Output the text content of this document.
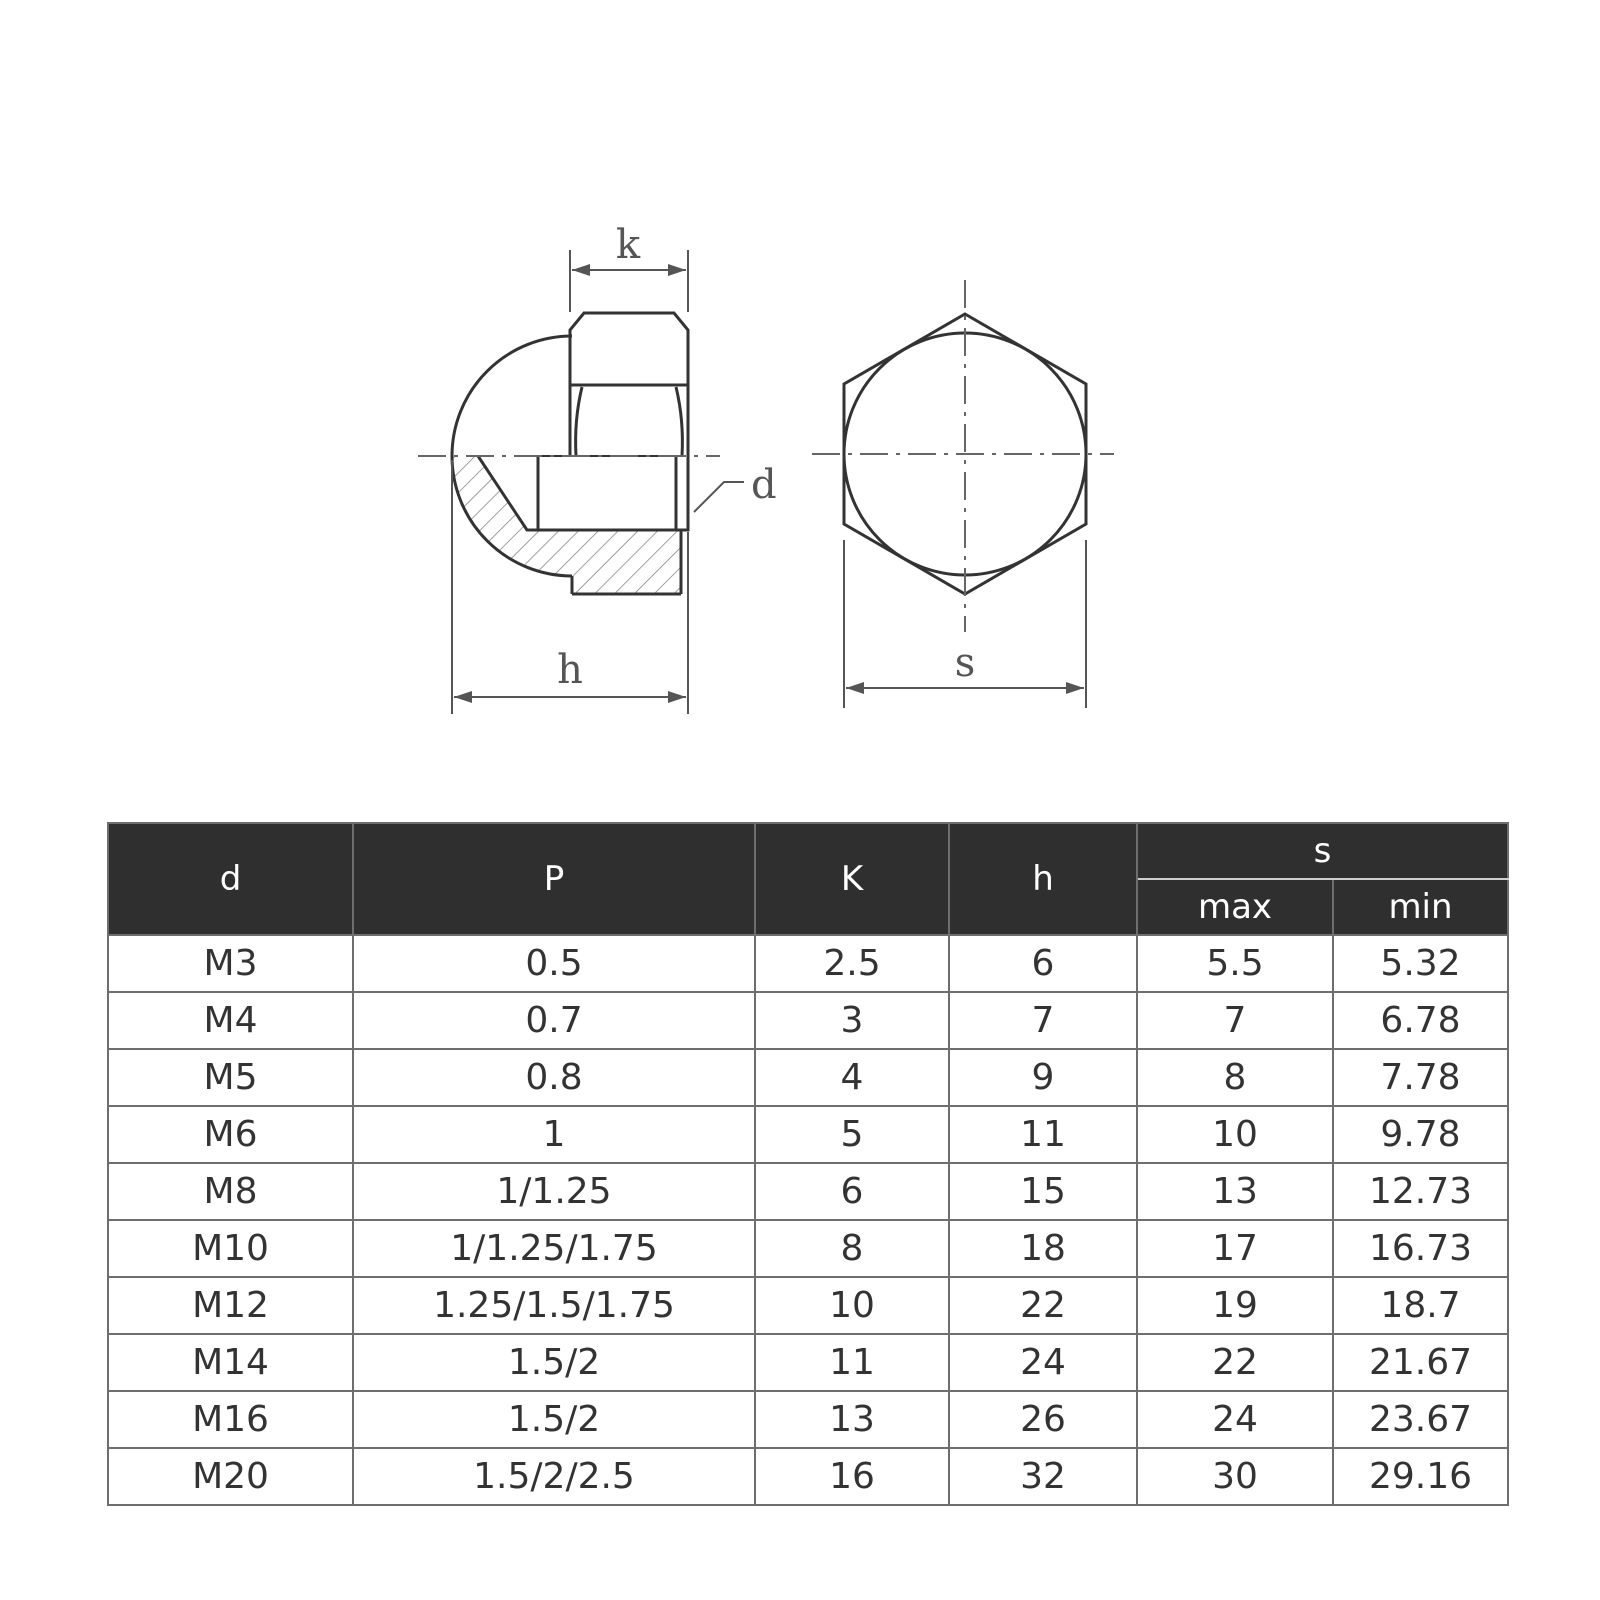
k
d
h	s
d	P	K	h	s	
				max	min
M3	0.5	2.5	6	5.5	5.32
M4	0.7	3	7	7	6.78
M5	0.8	4	9	8	7.78
M6	1	5	11	10	9.78
M8	1/1.25	6	15	13	12.73
M10	1/1.25/1.75	8	18	17	16.73
M12	1.25/1.5/1.75	10	22	19	18.7
M14	1.5/2	11	24	22	21.67
M16	1.5/2	13	26	24	23.67
M20	1.5/2/2.5	16	32	30	29.16
